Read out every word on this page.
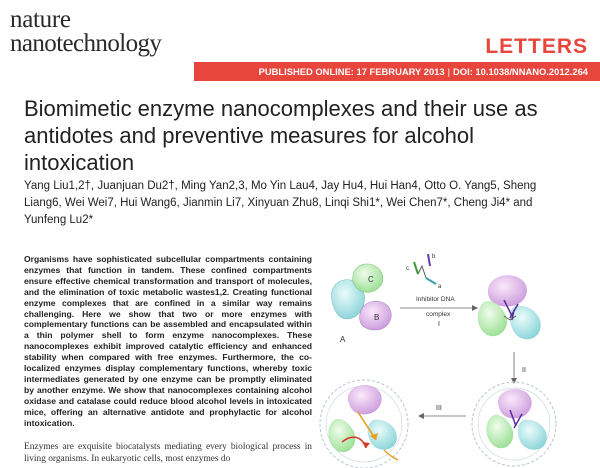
nature
nanotechnology	LETTERS
PUBLISHED ONLINE: 17 FEBRUARY 2013 | DOI: 10.1038/NNANO.2012.264
Biomimetic enzyme nanocomplexes and their use as antidotes and preventive measures for alcohol intoxication

Yang Liu1,2†, Juanjuan Du2†, Ming Yan2,3, Mo Yin Lau4, Jay Hu4, Hui Han4, Otto O. Yang5, Sheng Liang6, Wei Wei7, Hui Wang6, Jianmin Li7, Xinyuan Zhu8, Linqi Shi1*, Wei Chen7*, Cheng Ji4* and Yunfeng Lu2*

Organisms have sophisticated subcellular compartments containing enzymes that function in tandem. These confined compartments ensure effective chemical transformation and transport of molecules, and the elimination of toxic metabolic wastes1,2. Creating functional enzyme complexes that are confined in a similar way remains challenging. Here we show that two or more enzymes with complementary functions can be assembled and encapsulated within a thin polymer shell to form enzyme nanocomplexes. These nanocomplexes exhibit improved catalytic efficiency and enhanced stability when compared with free enzymes. Furthermore, the co-localized enzymes display complementary functions, whereby toxic intermediates generated by one enzyme can be promptly eliminated by another enzyme. We show that nanocomplexes containing alcohol oxidase and catalase could reduce blood alcohol levels in intoxicated mice, offering an alternative antidote and prophylactic for alcohol intoxication.

Enzymes are exquisite biocatalysts mediating every biological process in living organisms. In eukaryotic cells, most enzymes do

C
B
A
c
b
a
Inhibitor DNA
complex
I
II
III
